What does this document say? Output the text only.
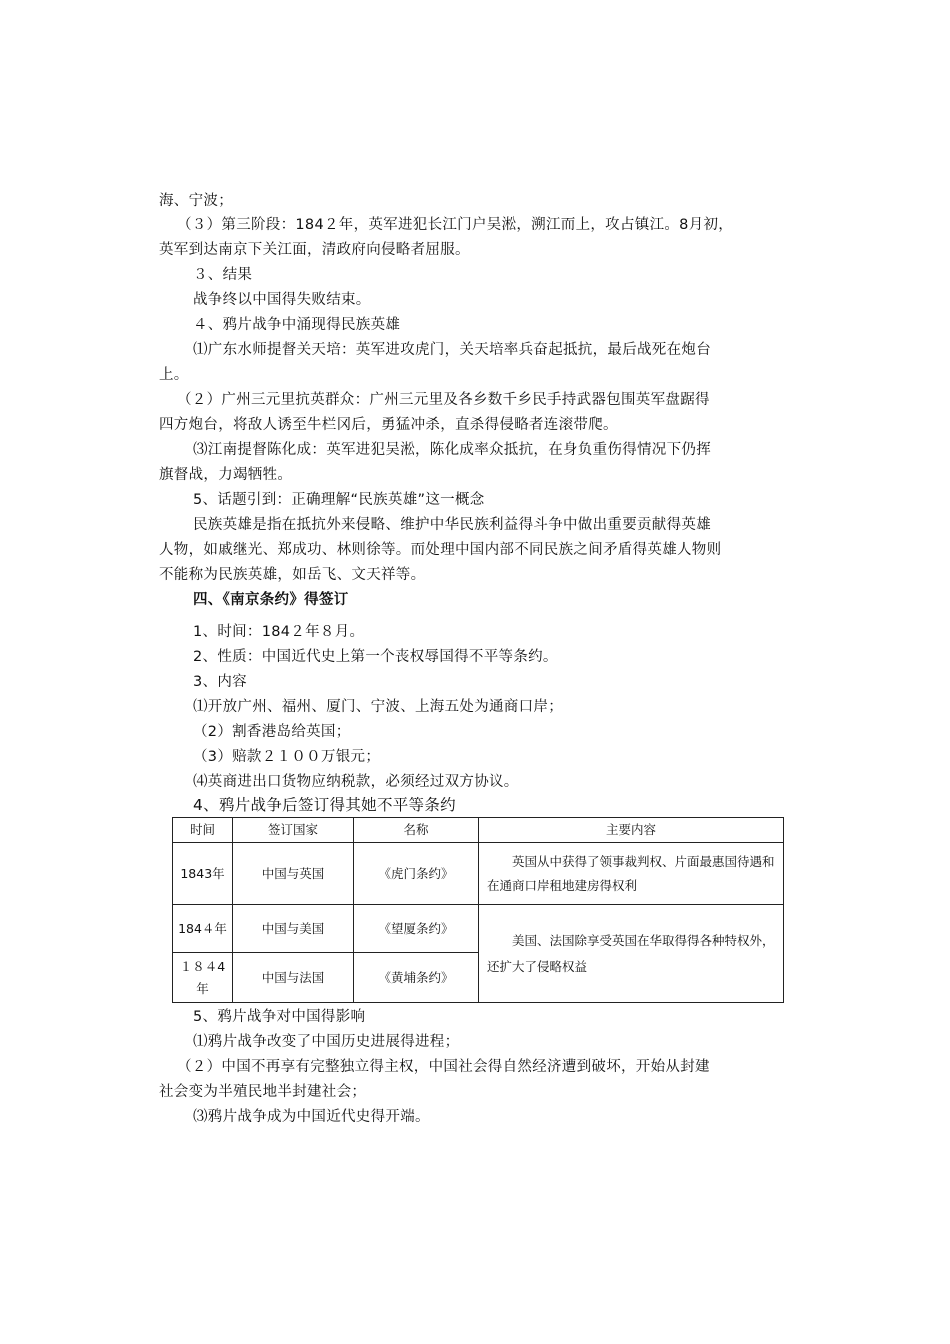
海、宁波；
（３）第三阶段：184２年，英军进犯长江门户吴淞，溯江而上，攻占镇江。8月初，
英军到达南京下关江面，清政府向侵略者屈服。
３、结果
战争终以中国得失败结束。
４、鸦片战争中涌现得民族英雄
⑴广东水师提督关天培：英军进攻虎门，关天培率兵奋起抵抗，最后战死在炮台
上。
（２）广州三元里抗英群众：广州三元里及各乡数千乡民手持武器包围英军盘踞得
四方炮台，将敌人诱至牛栏冈后，勇猛冲杀，直杀得侵略者连滚带爬。
⑶江南提督陈化成：英军进犯吴淞，陈化成率众抵抗，在身负重伤得情况下仍挥
旗督战，力竭牺牲。
5、话题引到：正确理解“民族英雄”这一概念
民族英雄是指在抵抗外来侵略、维护中华民族利益得斗争中做出重要贡献得英雄
人物，如戚继光、郑成功、林则徐等。而处理中国内部不同民族之间矛盾得英雄人物则
不能称为民族英雄，如岳飞、文天祥等。
四、《南京条约》得签订
1、时间：184２年８月。
2、性质：中国近代史上第一个丧权辱国得不平等条约。
3、内容
⑴开放广州、福州、厦门、宁波、上海五处为通商口岸；
（2）割香港岛给英国；
（3）赔款２１００万银元；
⑷英商进出口货物应纳税款，必须经过双方协议。
4、鸦片战争后签订得其她不平等条约
时间	签订国家	名称	主要内容
1843年	中国与英国	《虎门条约》	英国从中获得了领事裁判权、片面最惠国待遇和在通商口岸租地建房得权利
184４年	中国与美国	《望厦条约》	美国、法国除享受英国在华取得得各种特权外，还扩大了侵略权益
１８４4年	中国与法国	《黄埔条约》	
5、鸦片战争对中国得影响
⑴鸦片战争改变了中国历史进展得进程；
（２）中国不再享有完整独立得主权，中国社会得自然经济遭到破坏，开始从封建
社会变为半殖民地半封建社会；
⑶鸦片战争成为中国近代史得开端。
